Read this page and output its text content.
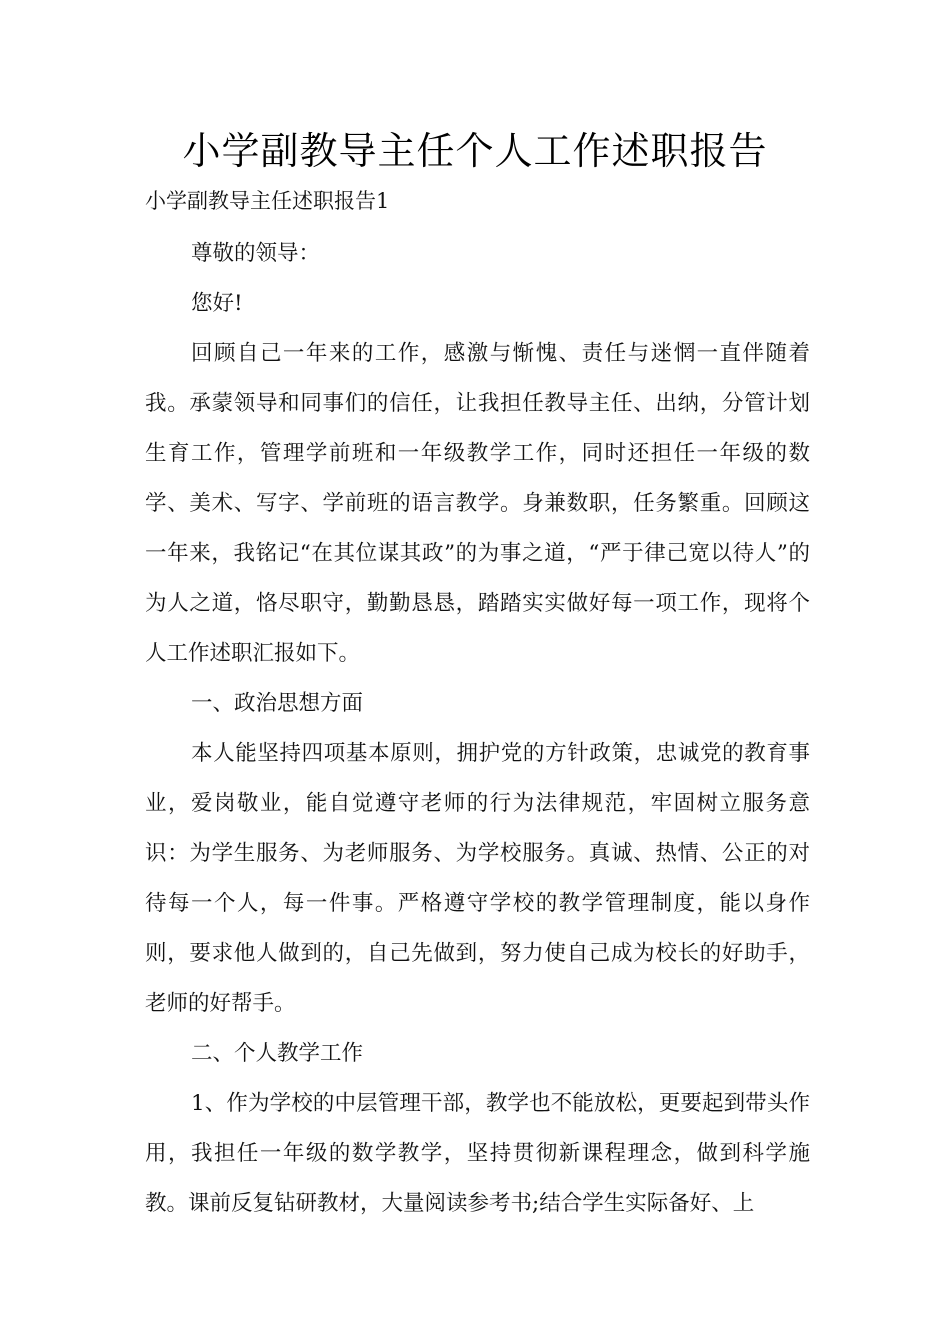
小学副教导主任个人工作述职报告

小学副教导主任述职报告1

尊敬的领导：

您好!

回顾自己一年来的工作，感激与惭愧、责任与迷惘一直伴随着我。承蒙领导和同事们的信任，让我担任教导主任、出纳，分管计划生育工作，管理学前班和一年级教学工作，同时还担任一年级的数学、美术、写字、学前班的语言教学。身兼数职，任务繁重。回顾这一年来，我铭记“在其位谋其政”的为事之道，“严于律己宽以待人”的为人之道，恪尽职守，勤勤恳恳，踏踏实实做好每一项工作，现将个人工作述职汇报如下。

一、政治思想方面

本人能坚持四项基本原则，拥护党的方针政策，忠诚党的教育事业，爱岗敬业，能自觉遵守老师的行为法律规范，牢固树立服务意识：为学生服务、为老师服务、为学校服务。真诚、热情、公正的对待每一个人，每一件事。严格遵守学校的教学管理制度，能以身作则，要求他人做到的，自己先做到，努力使自己成为校长的好助手，老师的好帮手。

二、个人教学工作

1、作为学校的中层管理干部，教学也不能放松，更要起到带头作用，我担任一年级的数学教学，坚持贯彻新课程理念，做到科学施教。课前反复钻研教材，大量阅读参考书;结合学生实际备好、上
